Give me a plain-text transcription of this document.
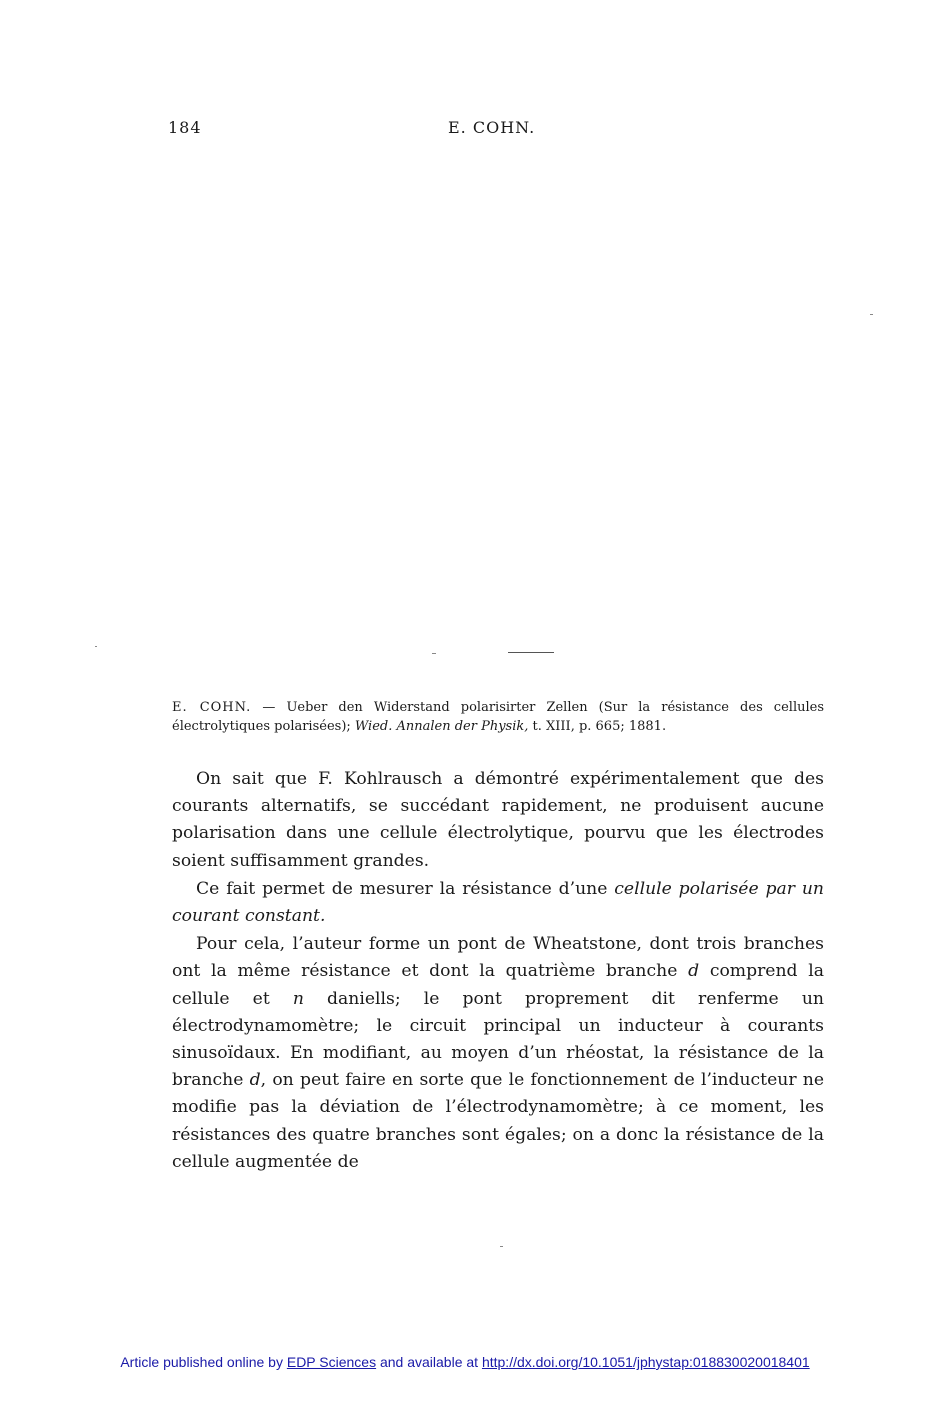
184	E. COHN.
E. COHN. — Ueber den Widerstand polarisirter Zellen (Sur la résistance des cellules électrolytiques polarisées); Wied. Annalen der Physik, t. XIII, p. 665; 1881.

On sait que F. Kohlrausch a démontré expérimentalement que des courants alternatifs, se succédant rapidement, ne produisent aucune polarisation dans une cellule électrolytique, pourvu que les électrodes soient suffisamment grandes.

Ce fait permet de mesurer la résistance d’une cellule polarisée par un courant constant.

Pour cela, l’auteur forme un pont de Wheatstone, dont trois branches ont la même résistance et dont la quatrième branche d comprend la cellule et n daniells; le pont proprement dit renferme un électrodynamomètre; le circuit principal un inducteur à courants sinusoïdaux. En modifiant, au moyen d’un rhéostat, la résistance de la branche d, on peut faire en sorte que le fonctionnement de l’inducteur ne modifie pas la déviation de l’électrodynamomètre; à ce moment, les résistances des quatre branches sont égales; on a donc la résistance de la cellule augmentée de

Article published online by EDP Sciences and available at http://dx.doi.org/10.1051/jphystap:018830020018401
